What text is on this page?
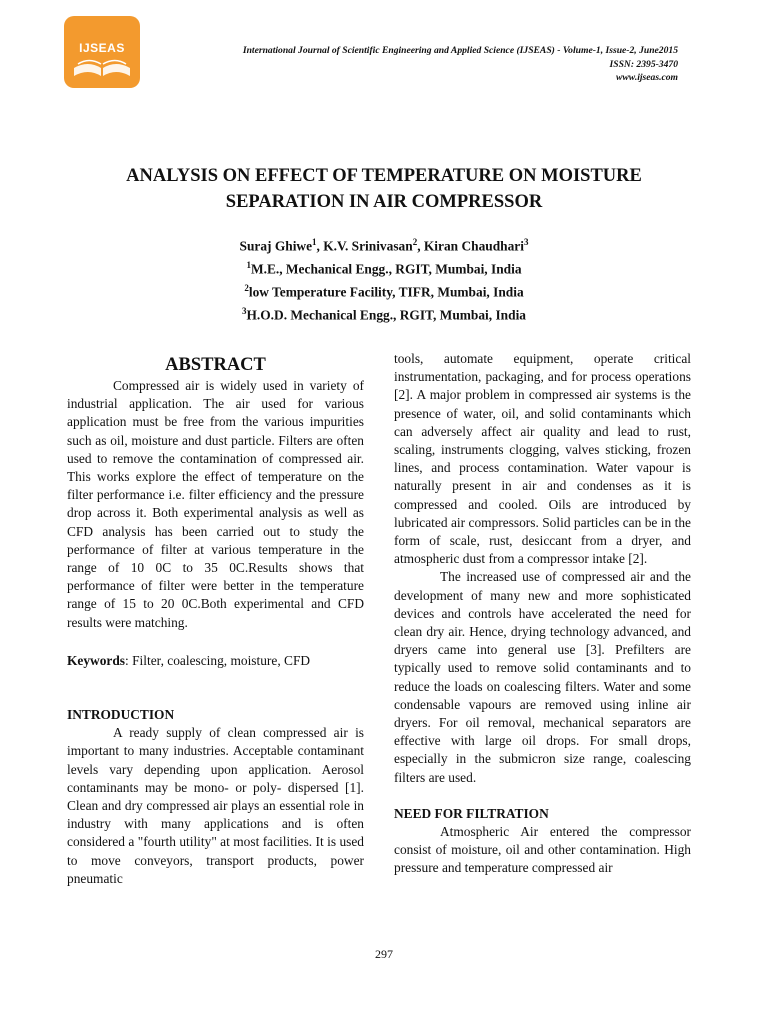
IJSEAS	International Journal of Scientific Engineering and Applied Science (IJSEAS) - Volume-1, Issue-2, June2015
ISSN: 2395-3470
www.ijseas.com
ANALYSIS ON EFFECT OF TEMPERATURE ON MOISTURE
SEPARATION IN AIR COMPRESSOR
Suraj Ghiwe$^1$, K.V. Srinivasan$^2$, Kiran Chaudhari$^3$
$^1$M.E., Mechanical Engg., RGIT, Mumbai, India
$^2$low Temperature Facility, TIFR, Mumbai, India
$^3$H.O.D. Mechanical Engg., RGIT, Mumbai, India
ABSTRACT

Compressed air is widely used in variety of industrial application. The air used for various application must be free from the various impurities such as oil, moisture and dust particle. Filters are often used to remove the contamination of compressed air. This works explore the effect of temperature on the filter performance i.e. filter efficiency and the pressure drop across it. Both experimental analysis as well as CFD analysis has been carried out to study the performance of filter at various temperature in the range of 10 0C to 35 0C.Results shows that performance of filter were better in the temperature range of 15 to 20 0C.Both experimental and CFD results were matching.

Keywords: Filter, coalescing, moisture, CFD

INTRODUCTION

A ready supply of clean compressed air is important to many industries. Acceptable contaminant levels vary depending upon application. Aerosol contaminants may be mono- or poly- dispersed [1]. Clean and dry compressed air plays an essential role in industry with many applications and is often considered a "fourth utility" at most facilities. It is used to move conveyors, transport products, power pneumatic

tools, automate equipment, operate critical instrumentation, packaging, and for process operations [2]. A major problem in compressed air systems is the presence of water, oil, and solid contaminants which can adversely affect air quality and lead to rust, scaling, instruments clogging, valves sticking, frozen lines, and process contamination. Water vapour is naturally present in air and condenses as it is compressed and cooled. Oils are introduced by lubricated air compressors. Solid particles can be in the form of scale, rust, desiccant from a dryer, and atmospheric dust from a compressor intake [2].

The increased use of compressed air and the development of many new and more sophisticated devices and controls have accelerated the need for clean dry air. Hence, drying technology advanced, and dryers came into general use [3]. Prefilters are typically used to remove solid contaminants and to reduce the loads on coalescing filters. Water and some condensable vapours are removed using inline air dryers. For oil removal, mechanical separators are effective with large oil drops. For small drops, especially in the submicron size range, coalescing filters are used.

NEED FOR FILTRATION

Atmospheric Air entered the compressor consist of moisture, oil and other contamination. High pressure and temperature compressed air

297
